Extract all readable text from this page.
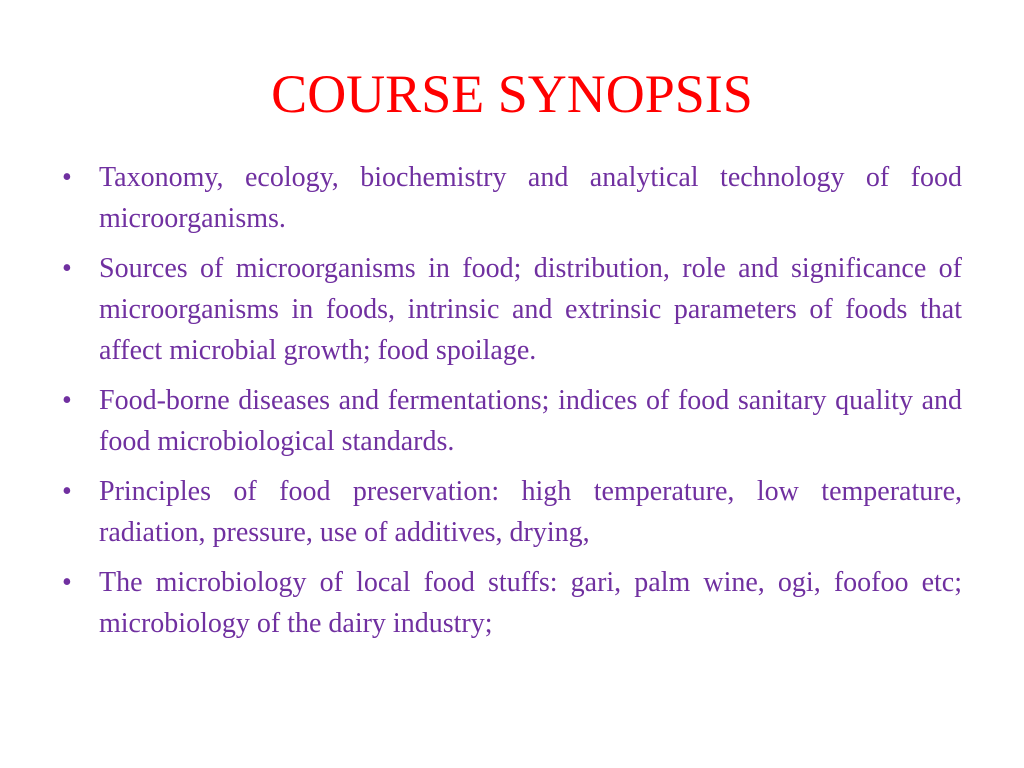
COURSE SYNOPSIS
• Taxonomy, ecology, biochemistry and analytical technology of food microorganisms.
• Sources of microorganisms in food; distribution, role and significance of microorganisms in foods, intrinsic and extrinsic parameters of foods that affect microbial growth; food spoilage.
• Food-borne diseases and fermentations; indices of food sanitary quality and food microbiological standards.
• Principles of food preservation: high temperature, low temperature, radiation, pressure, use of additives, drying,
• The microbiology of local food stuffs: gari, palm wine, ogi, foofoo etc; microbiology of the dairy industry;
